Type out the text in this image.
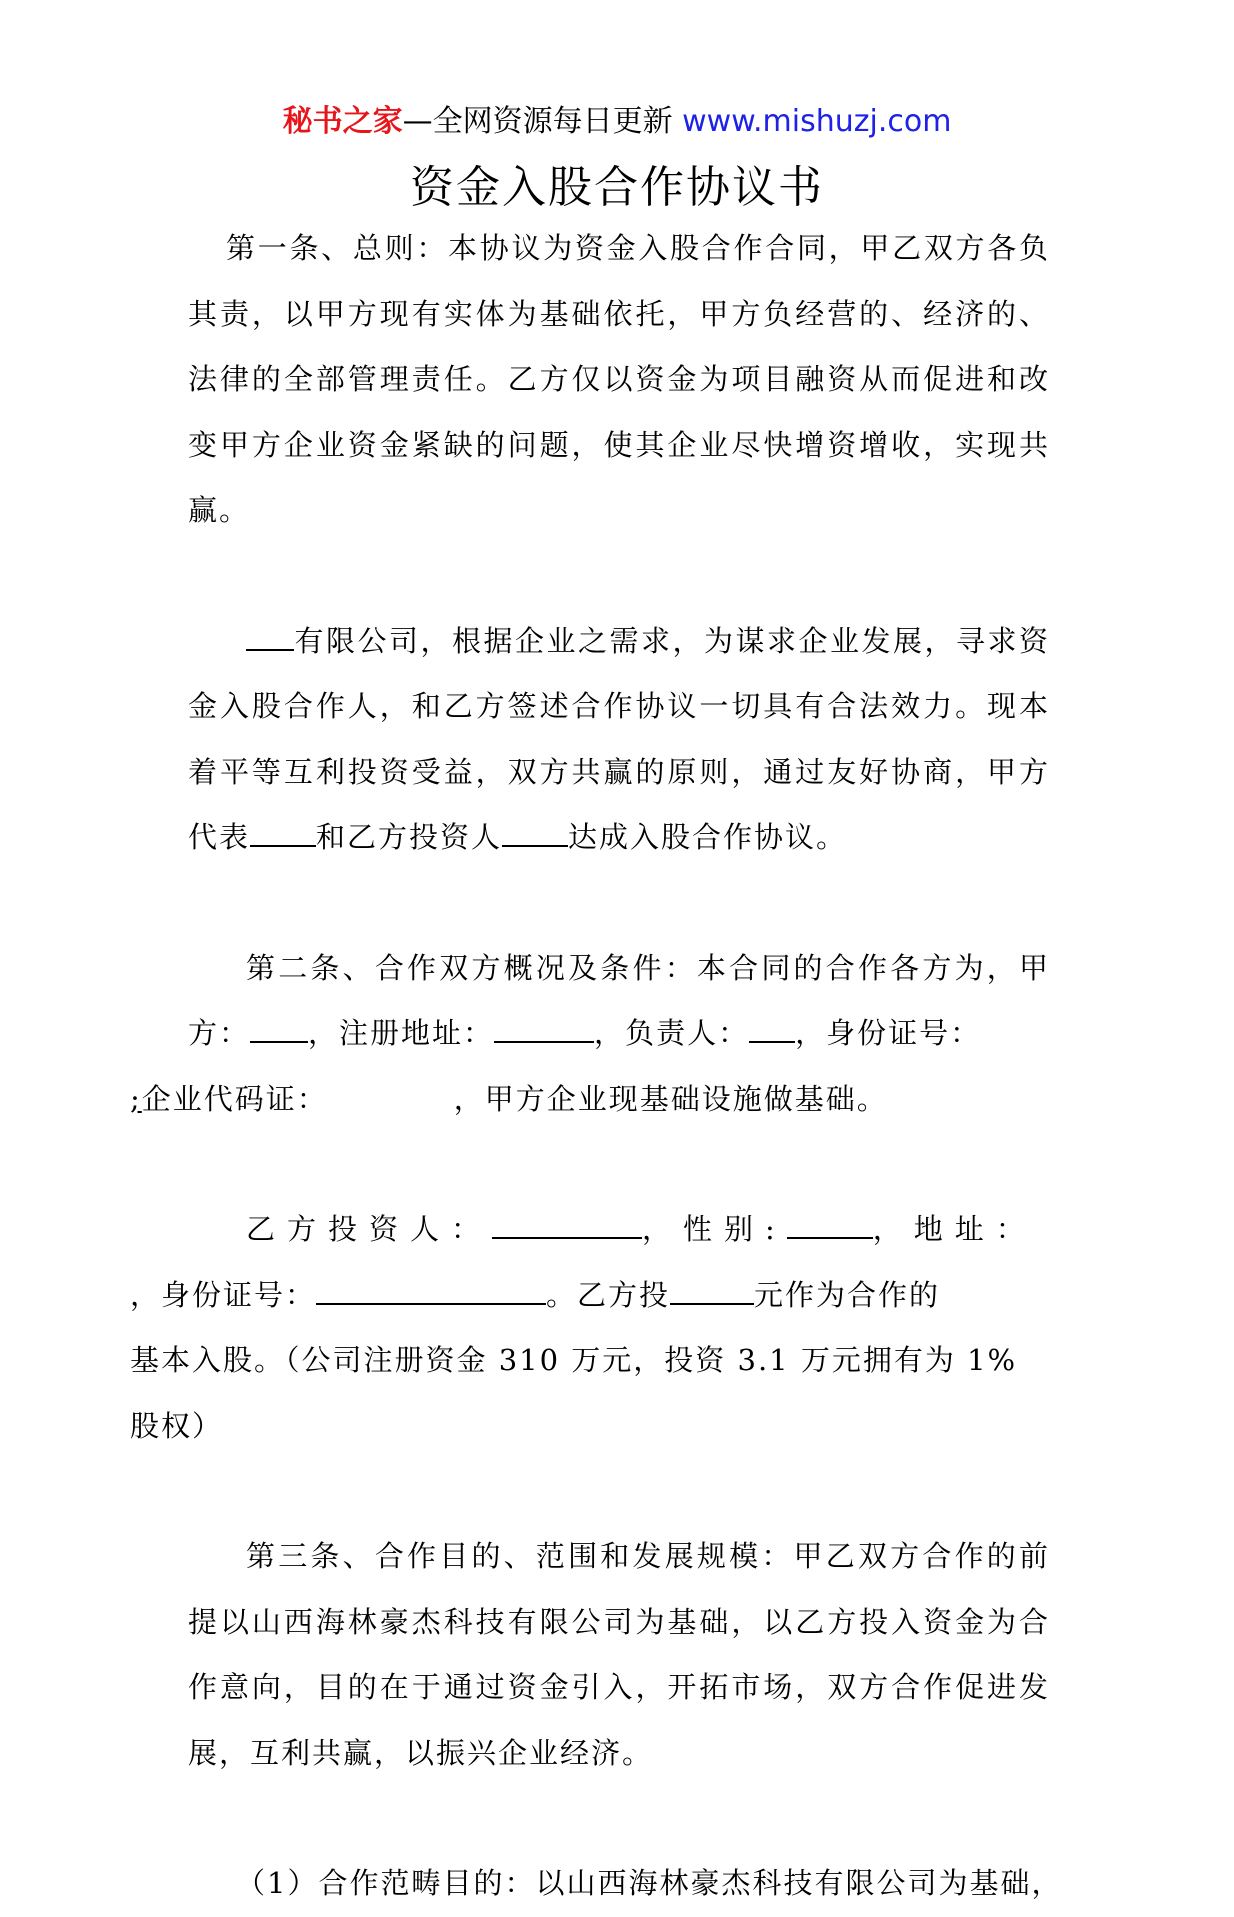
秘书之家—全网资源每日更新 www.mishuzj.com
资金入股合作协议书

第一条、总则：本协议为资金入股合作合同，甲乙双方各负其责，以甲方现有实体为基础依托，甲方负经营的、经济的、法律的全部管理责任。乙方仅以资金为项目融资从而促进和改变甲方企业资金紧缺的问题，使其企业尽快增资增收，实现共赢。

有限公司，根据企业之需求，为谋求企业发展，寻求资金入股合作人，和乙方签述合作协议一切具有合法效力。现本着平等互利投资受益，双方共赢的原则，通过友好协商，甲方代表 和乙方投资人 达成入股合作协议。

第二条、合作双方概况及条件：本合同的合作各方为，甲 方： ，注册地址：	，负责人： ，身份证号：
;企业代码证：	，甲方企业现基础设施做基础。

乙方投资人：	，性别:	，地址：
，身份证号：	。乙方投	元作为合作的
基本入股。（公司注册资金 310 万元，投资 3.1 万元拥有为 1%
股权）

第三条、合作目的、范围和发展规模：甲乙双方合作的前提以山西海林豪杰科技有限公司为基础，以乙方投入资金为合作意向，目的在于通过资金引入，开拓市场，双方合作促进发展，互利共赢，以振兴企业经济。

（1）合作范畴目的：以山西海林豪杰科技有限公司为基础，
